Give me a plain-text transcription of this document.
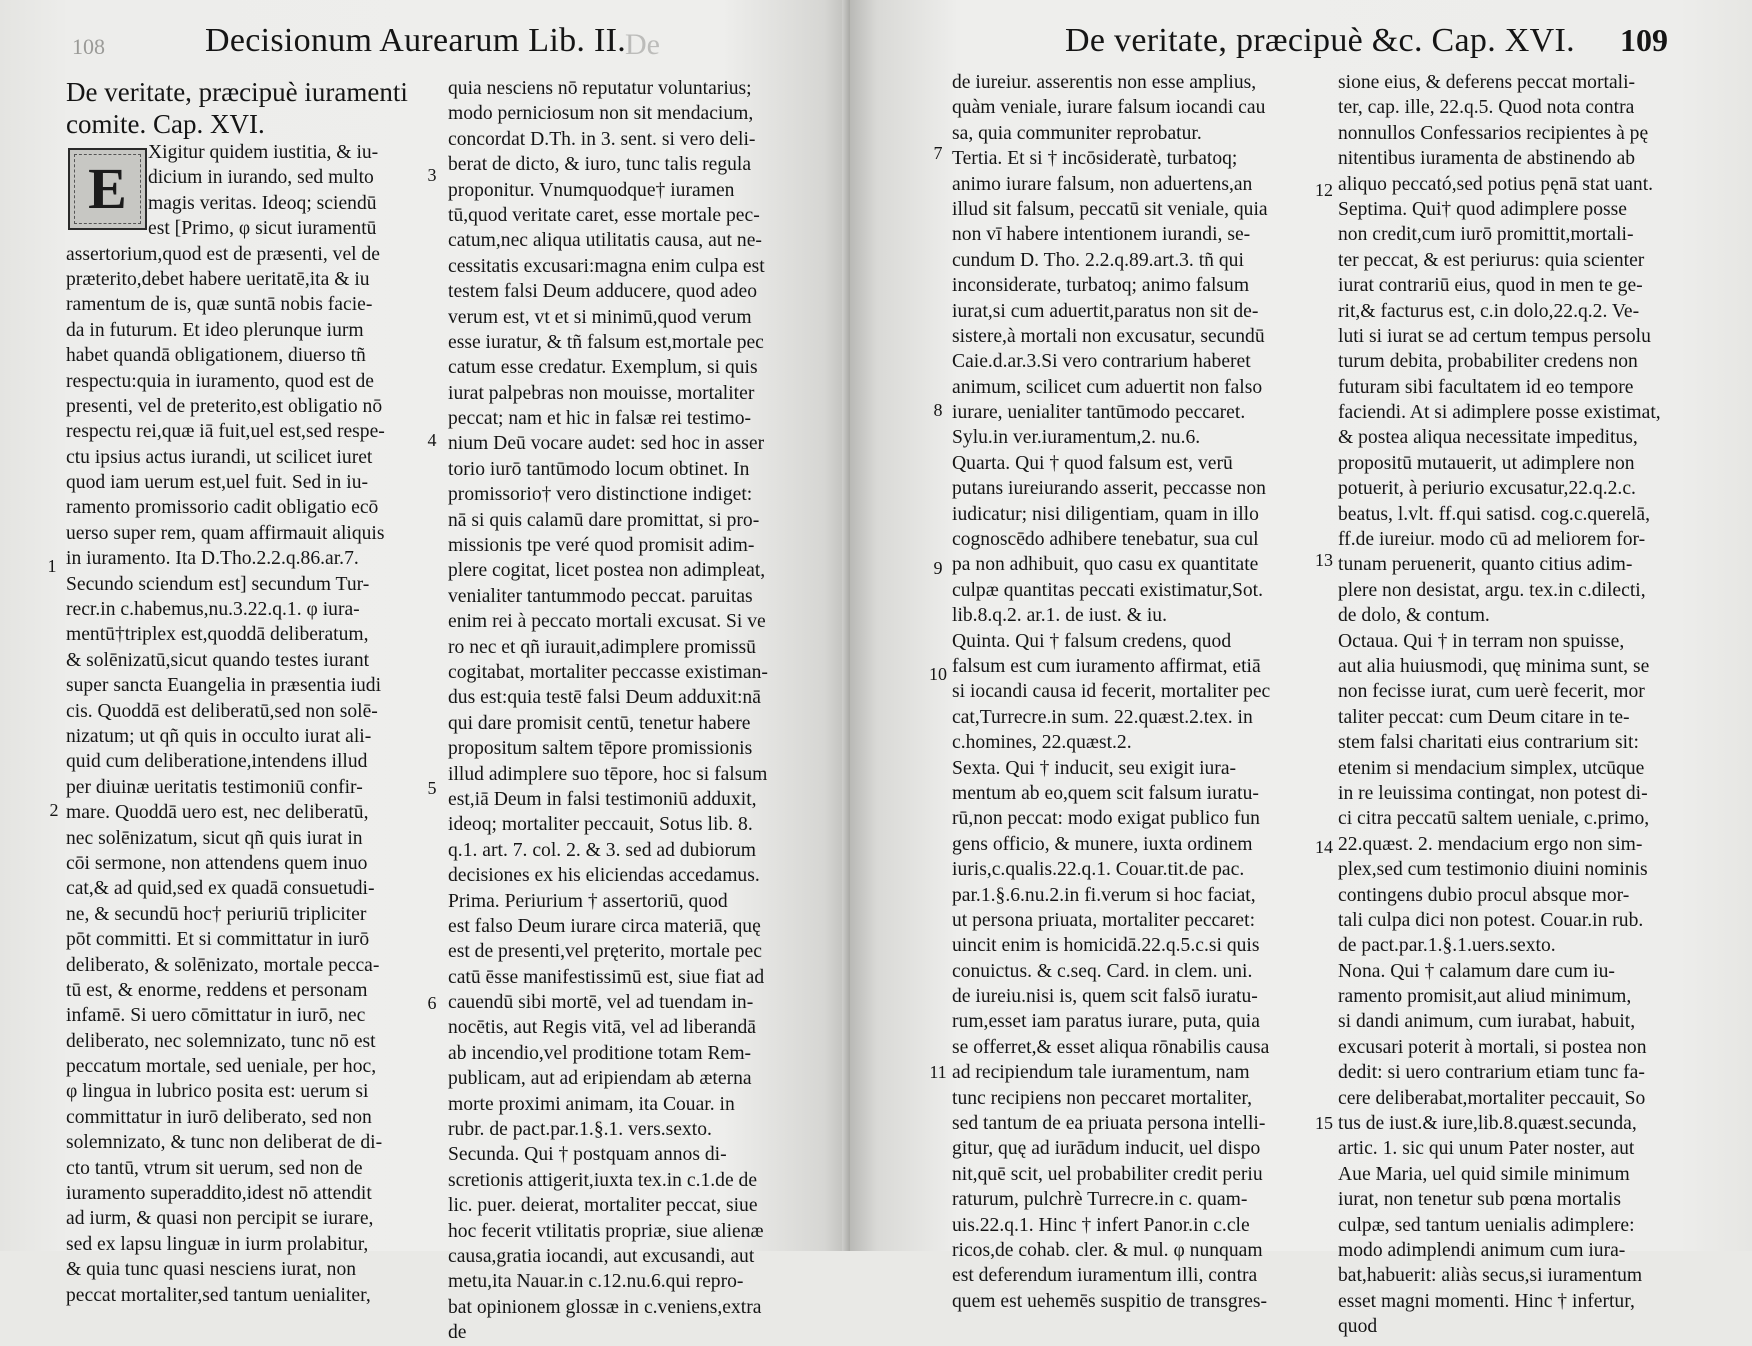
108	Decisionum Aurearum Lib. II.
De
De veritate, præcipuè iuramenti
comite. Cap. XVI.
Xigitur quidem iustitia, & iu-
dicium in iurando, sed multo
magis veritas. Ideoq; sciendū
est [Primo, φ sicut iuramentū
assertorium,quod est de præsenti, vel de
præterito,debet habere ueritatē,ita & iu
ramentum de is, quæ suntā nobis facie-
da in futurum. Et ideo plerunque iurm
habet quandā obligationem, diuerso tñ
respectu:quia in iuramento, quod est de
presenti, vel de preterito,est obligatio nō
respectu rei,quæ iā fuit,uel est,sed respe-
ctu ipsius actus iurandi, ut scilicet iuret
quod iam uerum est,uel fuit. Sed in iu-
ramento promissorio cadit obligatio ecō
uerso super rem, quam affirmauit aliquis
in iuramento. Ita D.Tho.2.2.q.86.ar.7.
Secundo sciendum est] secundum Tur-
recr.in c.habemus,nu.3.22.q.1. φ iura-
mentū†triplex est,quoddā deliberatum,
& solēnizatū,sicut quando testes iurant
super sancta Euangelia in præsentia iudi
cis. Quoddā est deliberatū,sed non solē-
nizatum; ut qñ quis in occulto iurat ali-
quid cum deliberatione,intendens illud
per diuinæ ueritatis testimoniū confir-
mare. Quoddā uero est, nec deliberatū,
nec solēnizatum, sicut qñ quis iurat in
cōi sermone, non attendens quem inuo
cat,& ad quid,sed ex quadā consuetudi-
ne, & secundū hoc† periuriū tripliciter
pōt committi. Et si committatur in iurō
deliberato, & solēnizato, mortale pecca-
tū est, & enorme, reddens et personam
infamē. Si uero cōmittatur in iurō, nec
deliberato, nec solemnizato, tunc nō est
peccatum mortale, sed ueniale, per hoc,
φ lingua in lubrico posita est: uerum si
committatur in iurō deliberato, sed non
solemnizato, & tunc non deliberat de di-
cto tantū, vtrum sit uerum, sed non de
iuramento superaddito,idest nō attendit
ad iurm, & quasi non percipit se iurare,
sed ex lapsu linguæ in iurm prolabitur,
& quia tunc quasi nesciens iurat, non
peccat mortaliter,sed tantum uenialiter,
E
quia nesciens nō reputatur voluntarius;
modo perniciosum non sit mendacium,
concordat D.Th. in 3. sent. si vero deli-
berat de dicto, & iuro, tunc talis regula
proponitur. Vnumquodque† iuramen
tū,quod veritate caret, esse mortale pec-
catum,nec aliqua utilitatis causa, aut ne-
cessitatis excusari:magna enim culpa est
testem falsi Deum adducere, quod adeo
verum est, vt et si minimū,quod verum
esse iuratur, & tñ falsum est,mortale pec
catum esse credatur. Exemplum, si quis
iurat palpebras non mouisse, mortaliter
peccat; nam et hic in falsæ rei testimo-
nium Deū vocare audet: sed hoc in asser
torio iurō tantūmodo locum obtinet. In
promissorio† vero distinctione indiget:
nā si quis calamū dare promittat, si pro-
missionis tpe veré quod promisit adim-
plere cogitat, licet postea non adimpleat,
venialiter tantummodo peccat. paruitas
enim rei à peccato mortali excusat. Si ve
ro nec et qñ iurauit,adimplere promissū
cogitabat, mortaliter peccasse existiman-
dus est:quia testē falsi Deum adduxit:nā
qui dare promisit centū, tenetur habere
propositum saltem tēpore promissionis
illud adimplere suo tēpore, hoc si falsum
est,iā Deum in falsi testimoniū adduxit,
ideoq; mortaliter peccauit, Sotus lib. 8.
q.1. art. 7. col. 2. & 3. sed ad dubiorum
decisiones ex his eliciendas accedamus.
Prima. Periurium † assertoriū, quod
est falso Deum iurare circa materiā, quę
est de presenti,vel pręterito, mortale pec
catū ēsse manifestissimū est, siue fiat ad
cauendū sibi mortē, vel ad tuendam in-
nocētis, aut Regis vitā, vel ad liberandā
ab incendio,vel proditione totam Rem-
publicam, aut ad eripiendam ab æterna
morte proximi animam, ita Couar. in
rubr. de pact.par.1.§.1. vers.sexto.
Secunda. Qui † postquam annos di-
scretionis attigerit,iuxta tex.in c.1.de de
lic. puer. deierat, mortaliter peccat, siue
hoc fecerit vtilitatis propriæ, siue alienæ
causa,gratia iocandi, aut excusandi, aut
metu,ita Nauar.in c.12.nu.6.qui repro-
bat opinionem glossæ in c.veniens,extra
de
1
2
3
4
5
6
De veritate, præcipuè &c. Cap. XVI. 109
de iureiur. asserentis non esse amplius,
quàm veniale, iurare falsum iocandi cau
sa, quia communiter reprobatur.
Tertia. Et si † incōsideratè, turbatoq;
animo iurare falsum, non aduertens,an
illud sit falsum, peccatū sit veniale, quia
non vī habere intentionem iurandi, se-
cundum D. Tho. 2.2.q.89.art.3. tñ qui
inconsiderate, turbatoq; animo falsum
iurat,si cum aduertit,paratus non sit de-
sistere,à mortali non excusatur, secundū
Caie.d.ar.3.Si vero contrarium haberet
animum, scilicet cum aduertit non falso
iurare, uenialiter tantūmodo peccaret.
Sylu.in ver.iuramentum,2. nu.6.
Quarta. Qui † quod falsum est, verū
putans iureiurando asserit, peccasse non
iudicatur; nisi diligentiam, quam in illo
cognoscēdo adhibere tenebatur, sua cul
pa non adhibuit, quo casu ex quantitate
culpæ quantitas peccati existimatur,Sot.
lib.8.q.2. ar.1. de iust. & iu.
Quinta. Qui † falsum credens, quod
falsum est cum iuramento affirmat, etiā
si iocandi causa id fecerit, mortaliter pec
cat,Turrecre.in sum. 22.quæst.2.tex. in
c.homines, 22.quæst.2.
Sexta. Qui † inducit, seu exigit iura-
mentum ab eo,quem scit falsum iuratu-
rū,non peccat: modo exigat publico fun
gens officio, & munere, iuxta ordinem
iuris,c.qualis.22.q.1. Couar.tit.de pac.
par.1.§.6.nu.2.in fi.verum si hoc faciat,
ut persona priuata, mortaliter peccaret:
uincit enim is homicidā.22.q.5.c.si quis
conuictus. & c.seq. Card. in clem. uni.
de iureiu.nisi is, quem scit falsō iuratu-
rum,esset iam paratus iurare, puta, quia
se offerret,& esset aliqua rōnabilis causa
ad recipiendum tale iuramentum, nam
tunc recipiens non peccaret mortaliter,
sed tantum de ea priuata persona intelli-
gitur, quę ad iurādum inducit, uel dispo
nit,quē scit, uel probabiliter credit periu
raturum, pulchrè Turrecre.in c. quam-
uis.22.q.1. Hinc † infert Panor.in c.cle
ricos,de cohab. cler. & mul. φ nunquam
est deferendum iuramentum illi, contra
quem est uehemēs suspitio de transgres-
sione eius, & deferens peccat mortali-
ter, cap. ille, 22.q.5. Quod nota contra
nonnullos Confessarios recipientes à pę
nitentibus iuramenta de abstinendo ab
aliquo peccató,sed potius pęnā stat uant.
Septima. Qui† quod adimplere posse
non credit,cum iurō promittit,mortali-
ter peccat, & est periurus: quia scienter
iurat contrariū eius, quod in men te ge-
rit,& facturus est, c.in dolo,22.q.2. Ve-
luti si iurat se ad certum tempus persolu
turum debita, probabiliter credens non
futuram sibi facultatem id eo tempore
faciendi. At si adimplere posse existimat,
& postea aliqua necessitate impeditus,
propositū mutauerit, ut adimplere non
potuerit, à periurio excusatur,22.q.2.c.
beatus, l.vlt. ff.qui satisd. cog.c.querelā,
ff.de iureiur. modo cū ad meliorem for-
tunam peruenerit, quanto citius adim-
plere non desistat, argu. tex.in c.dilecti,
de dolo, & contum.
Octaua. Qui † in terram non spuisse,
aut alia huiusmodi, quę minima sunt, se
non fecisse iurat, cum uerè fecerit, mor
taliter peccat: cum Deum citare in te-
stem falsi charitati eius contrarium sit:
etenim si mendacium simplex, utcūque
in re leuissima contingat, non potest di-
ci citra peccatū saltem ueniale, c.primo,
22.quæst. 2. mendacium ergo non sim-
plex,sed cum testimonio diuini nominis
contingens dubio procul absque mor-
tali culpa dici non potest. Couar.in rub.
de pact.par.1.§.1.uers.sexto.
Nona. Qui † calamum dare cum iu-
ramento promisit,aut aliud minimum,
si dandi animum, cum iurabat, habuit,
excusari poterit à mortali, si postea non
dedit: si uero contrarium etiam tunc fa-
cere deliberabat,mortaliter peccauit, So
tus de iust.& iure,lib.8.quæst.secunda,
artic. 1. sic qui unum Pater noster, aut
Aue Maria, uel quid simile minimum
iurat, non tenetur sub pœna mortalis
culpæ, sed tantum uenialis adimplere:
modo adimplendi animum cum iura-
bat,habuerit: aliàs secus,si iuramentum
esset magni momenti. Hinc † infertur,
quod
7
8
9
10
11
12
13
14
15
